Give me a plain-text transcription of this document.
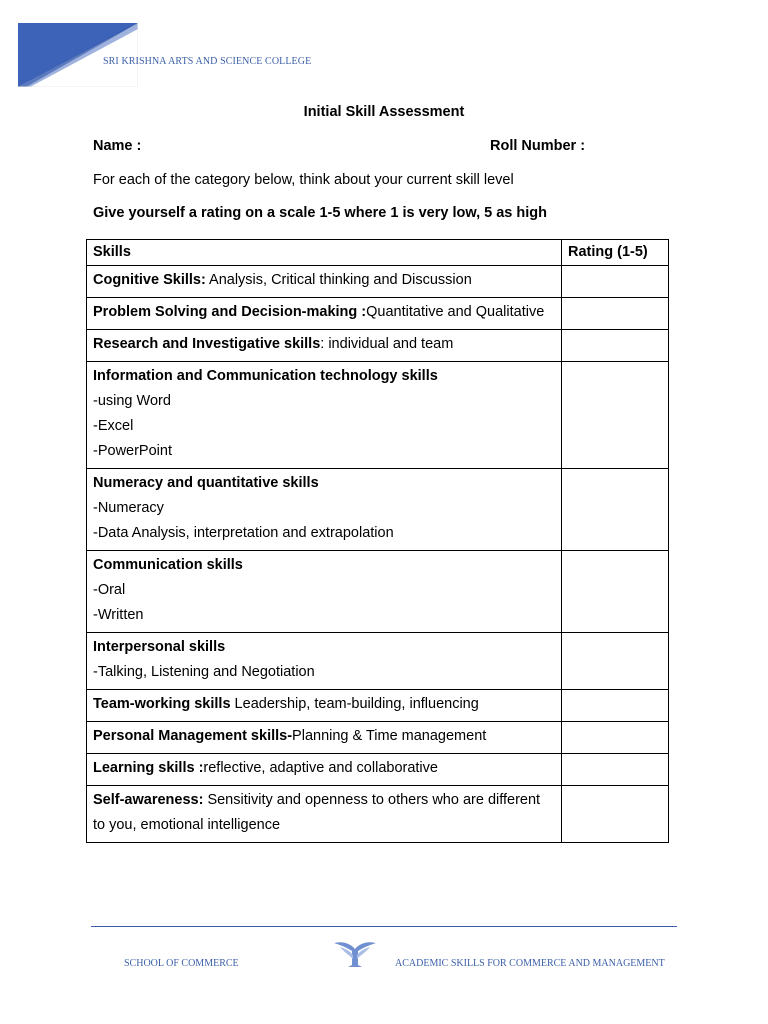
SRI KRISHNA ARTS AND SCIENCE COLLEGE
Initial Skill Assessment
Name :	Roll Number :
For each of the category below, think about your current skill level
Give yourself a rating on a scale 1-5 where 1 is very low, 5 as high
Skills	Rating (1-5)
Cognitive Skills: Analysis, Critical thinking and Discussion	
Problem Solving and Decision-making :Quantitative and Qualitative	
Research and Investigative skills: individual and team	

Information and Communication technology skills
-using Word
-Excel
-PowerPoint	

Numeracy and quantitative skills
-Numeracy
-Data Analysis, interpretation and extrapolation	

Communication skills
-Oral
-Written	

Interpersonal skills
-Talking, Listening and Negotiation	

Team-working skills Leadership, team-building, influencing	
Personal Management skills-Planning & Time management	
Learning skills :reflective, adaptive and collaborative	
Self-awareness: Sensitivity and openness to others who are different to you, emotional intelligence	
SCHOOL OF COMMERCE	ACADEMIC SKILLS FOR COMMERCE AND MANAGEMENT
